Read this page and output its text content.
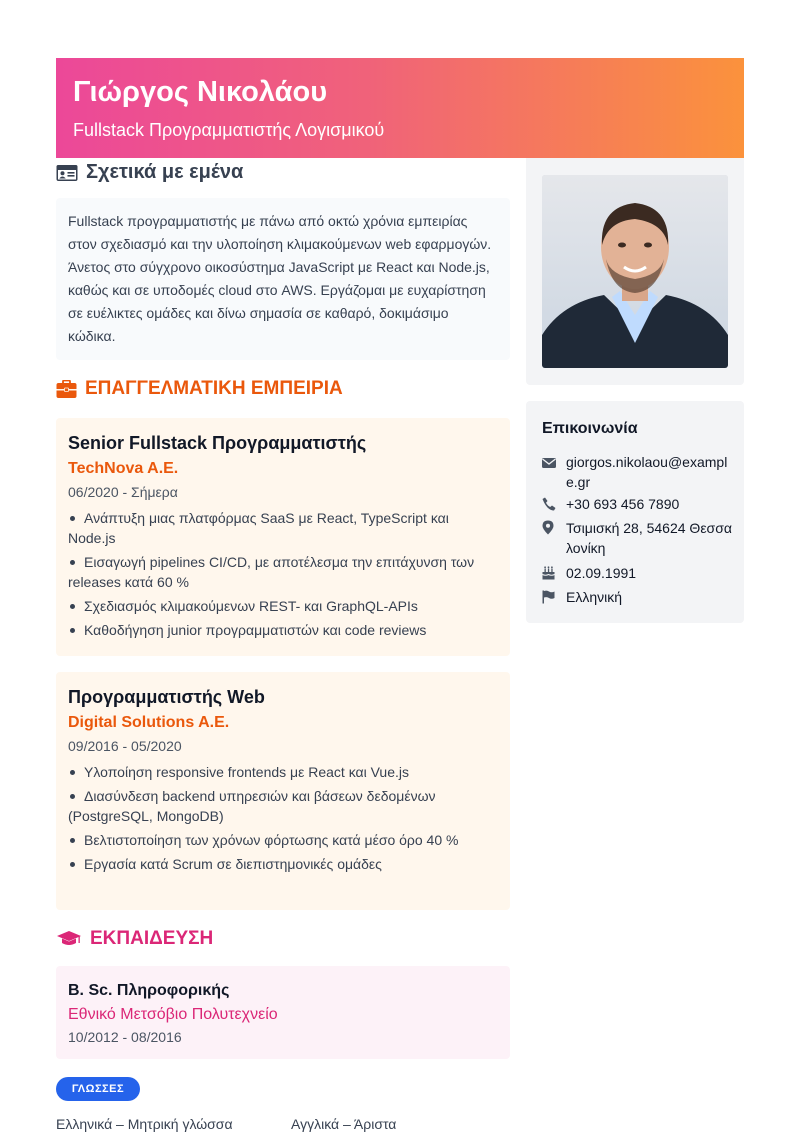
Γιώργος Νικολάου
Fullstack Προγραμματιστής Λογισμικού
Σχετικά με εμένα
Fullstack προγραμματιστής με πάνω από οκτώ χρόνια εμπειρίας στον σχεδιασμό και την υλοποίηση κλιμακούμενων web εφαρμογών. Άνετος στο σύγχρονο οικοσύστημα JavaScript με React και Node.js, καθώς και σε υποδομές cloud στο AWS. Εργάζομαι με ευχαρίστηση σε ευέλικτες ομάδες και δίνω σημασία σε καθαρό, δοκιμάσιμο κώδικα.
ΕΠΑΓΓΕΛΜΑΤΙΚΗ ΕΜΠΕΙΡΙΑ
Senior Fullstack Προγραμματιστής
TechNova A.E.
06/2020 - Σήμερα
Ανάπτυξη μιας πλατφόρμας SaaS με React, TypeScript και Node.js
Εισαγωγή pipelines CI/CD, με αποτέλεσμα την επιτάχυνση των releases κατά 60 %
Σχεδιασμός κλιμακούμενων REST- και GraphQL-APIs
Καθοδήγηση junior προγραμματιστών και code reviews
Προγραμματιστής Web
Digital Solutions A.E.
09/2016 - 05/2020
Υλοποίηση responsive frontends με React και Vue.js
Διασύνδεση backend υπηρεσιών και βάσεων δεδομένων (PostgreSQL, MongoDB)
Βελτιστοποίηση των χρόνων φόρτωσης κατά μέσο όρο 40 %
Εργασία κατά Scrum σε διεπιστημονικές ομάδες
ΕΚΠΑΙΔΕΥΣΗ
B. Sc. Πληροφορικής
Εθνικό Μετσόβιο Πολυτεχνείο
10/2012 - 08/2016
ΓΛΩΣΣΕΣ
Ελληνικά – Μητρική γλώσσα	Αγγλικά – Άριστα
Επικοινωνία
giorgos.nikolaou@example.gr
+30 693 456 7890
Τσιμισκή 28, 54624 Θεσσαλονίκη
02.09.1991
Ελληνική
